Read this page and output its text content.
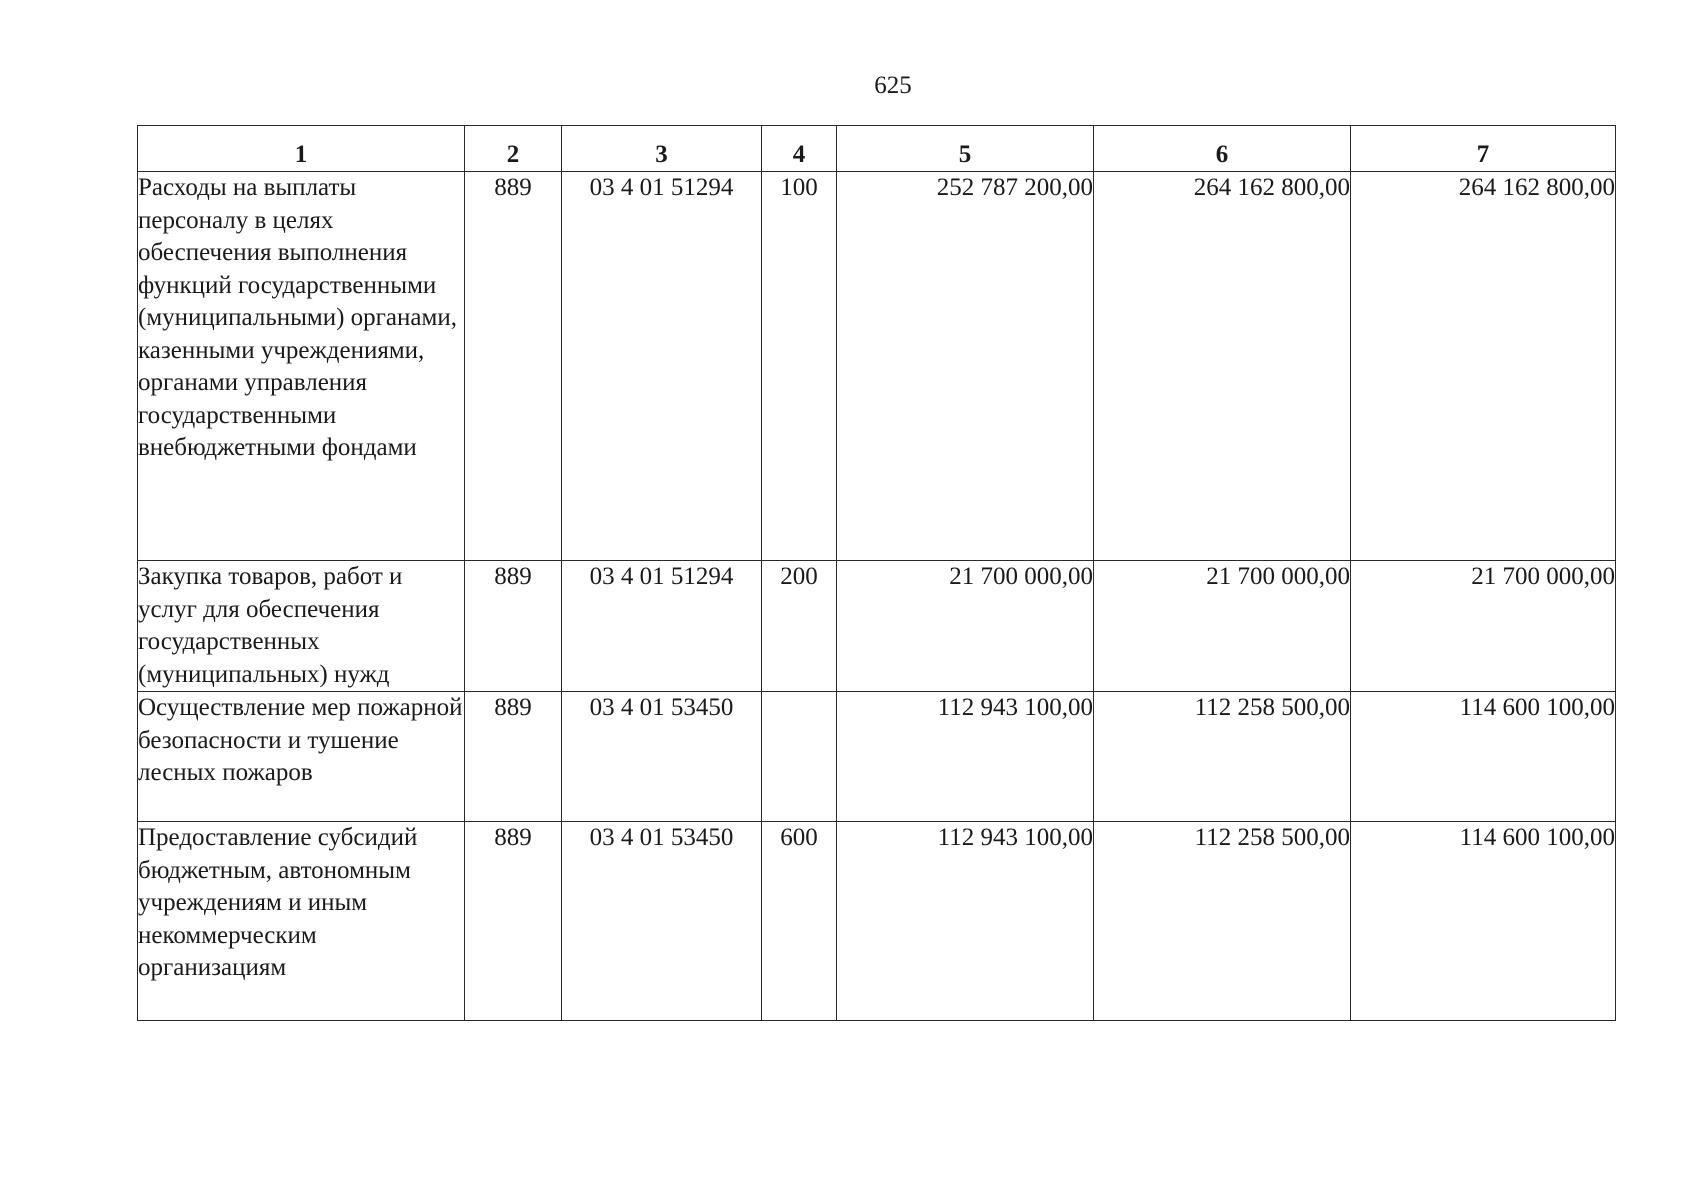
625
1	2	3	4	5	6	7
Расходы на выплаты персоналу в целях обеспечения выполнения функций государственными (муниципальными) органами, казенными учреждениями, органами управления государственными внебюджетными фондами	889	03 4 01 51294	100	252 787 200,00	264 162 800,00	264 162 800,00
Закупка товаров, работ и услуг для обеспечения государственных (муниципальных) нужд	889	03 4 01 51294	200	21 700 000,00	21 700 000,00	21 700 000,00
Осуществление мер пожарной безопасности и тушение лесных пожаров	889	03 4 01 53450		112 943 100,00	112 258 500,00	114 600 100,00
Предоставление субсидий бюджетным, автономным учреждениям и иным некоммерческим организациям	889	03 4 01 53450	600	112 943 100,00	112 258 500,00	114 600 100,00
